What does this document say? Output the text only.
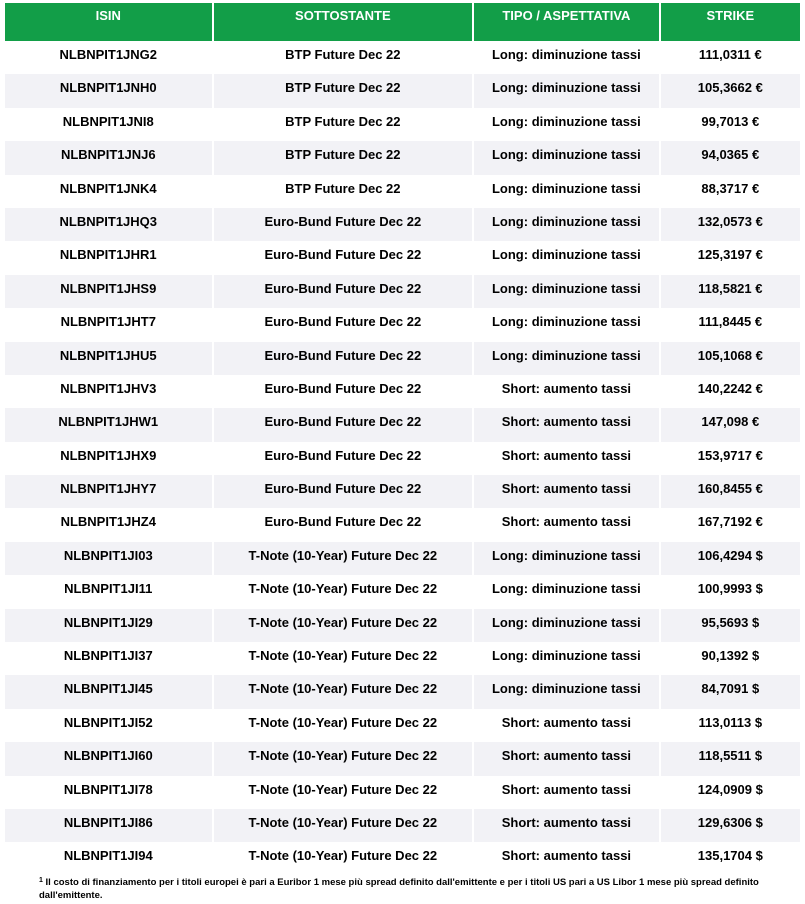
ISIN	SOTTOSTANTE	TIPO / ASPETTATIVA	STRIKE
NLBNPIT1JNG2	BTP Future Dec 22	Long: diminuzione tassi	111,0311 €
NLBNPIT1JNH0	BTP Future Dec 22	Long: diminuzione tassi	105,3662 €
NLBNPIT1JNI8	BTP Future Dec 22	Long: diminuzione tassi	99,7013 €
NLBNPIT1JNJ6	BTP Future Dec 22	Long: diminuzione tassi	94,0365 €
NLBNPIT1JNK4	BTP Future Dec 22	Long: diminuzione tassi	88,3717 €
NLBNPIT1JHQ3	Euro-Bund Future Dec 22	Long: diminuzione tassi	132,0573 €
NLBNPIT1JHR1	Euro-Bund Future Dec 22	Long: diminuzione tassi	125,3197 €
NLBNPIT1JHS9	Euro-Bund Future Dec 22	Long: diminuzione tassi	118,5821 €
NLBNPIT1JHT7	Euro-Bund Future Dec 22	Long: diminuzione tassi	111,8445 €
NLBNPIT1JHU5	Euro-Bund Future Dec 22	Long: diminuzione tassi	105,1068 €
NLBNPIT1JHV3	Euro-Bund Future Dec 22	Short: aumento tassi	140,2242 €
NLBNPIT1JHW1	Euro-Bund Future Dec 22	Short: aumento tassi	147,098 €
NLBNPIT1JHX9	Euro-Bund Future Dec 22	Short: aumento tassi	153,9717 €
NLBNPIT1JHY7	Euro-Bund Future Dec 22	Short: aumento tassi	160,8455 €
NLBNPIT1JHZ4	Euro-Bund Future Dec 22	Short: aumento tassi	167,7192 €
NLBNPIT1JI03	T-Note (10-Year) Future Dec 22	Long: diminuzione tassi	106,4294 $
NLBNPIT1JI11	T-Note (10-Year) Future Dec 22	Long: diminuzione tassi	100,9993 $
NLBNPIT1JI29	T-Note (10-Year) Future Dec 22	Long: diminuzione tassi	95,5693 $
NLBNPIT1JI37	T-Note (10-Year) Future Dec 22	Long: diminuzione tassi	90,1392 $
NLBNPIT1JI45	T-Note (10-Year) Future Dec 22	Long: diminuzione tassi	84,7091 $
NLBNPIT1JI52	T-Note (10-Year) Future Dec 22	Short: aumento tassi	113,0113 $
NLBNPIT1JI60	T-Note (10-Year) Future Dec 22	Short: aumento tassi	118,5511 $
NLBNPIT1JI78	T-Note (10-Year) Future Dec 22	Short: aumento tassi	124,0909 $
NLBNPIT1JI86	T-Note (10-Year) Future Dec 22	Short: aumento tassi	129,6306 $
NLBNPIT1JI94	T-Note (10-Year) Future Dec 22	Short: aumento tassi	135,1704 $
$^1$ Il costo di finanziamento per i titoli europei è pari a Euribor 1 mese più spread definito dall'emittente e per i titoli US pari a US Libor 1 mese più spread definito dall'emittente.
